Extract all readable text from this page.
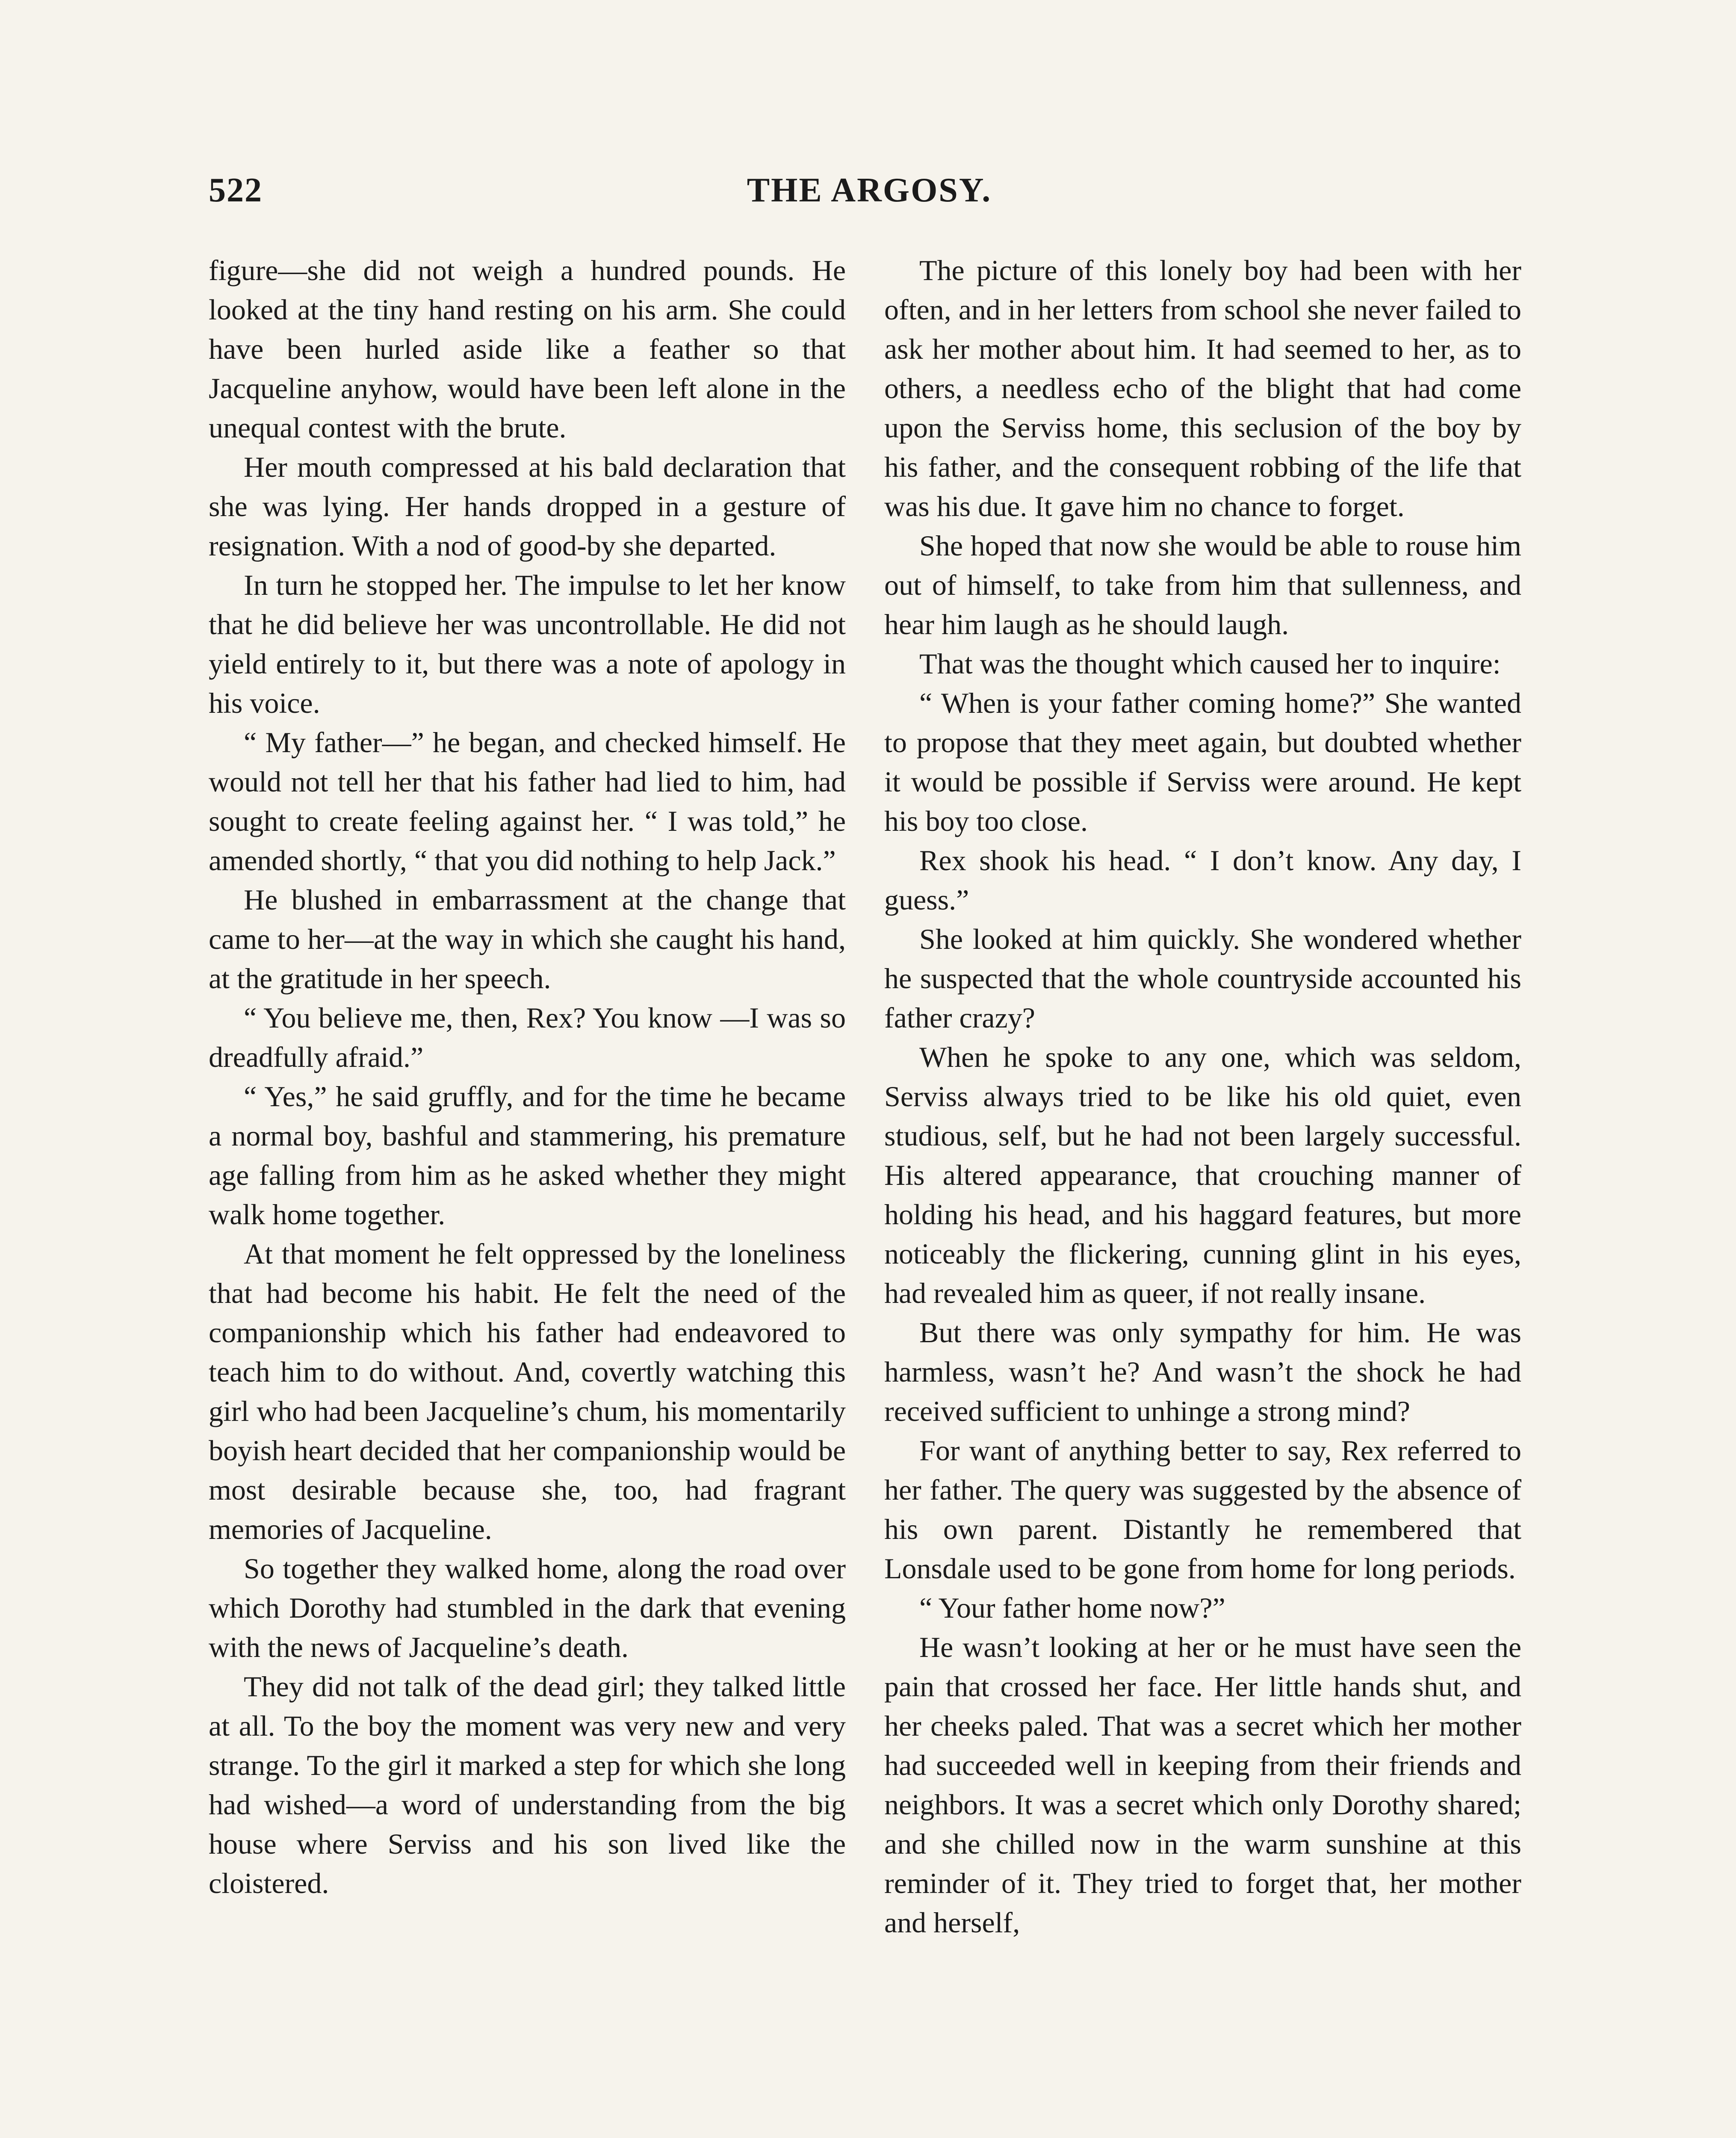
522	THE ARGOSY.

figure—she did not weigh a hundred pounds. He looked at the tiny hand resting on his arm. She could have been hurled aside like a feather so that Jacqueline anyhow, would have been left alone in the unequal contest with the brute.

Her mouth compressed at his bald declaration that she was lying. Her hands dropped in a gesture of resignation. With a nod of good-by she departed.

In turn he stopped her. The impulse to let her know that he did believe her was uncontrollable. He did not yield entirely to it, but there was a note of apology in his voice.

“ My father—” he began, and checked himself. He would not tell her that his father had lied to him, had sought to create feeling against her. “ I was told,” he amended shortly, “ that you did nothing to help Jack.”

He blushed in embarrassment at the change that came to her—at the way in which she caught his hand, at the gratitude in her speech.

“ You believe me, then, Rex? You know —I was so dreadfully afraid.”

“ Yes,” he said gruffly, and for the time he became a normal boy, bashful and stammering, his premature age falling from him as he asked whether they might walk home together.

At that moment he felt oppressed by the loneliness that had become his habit. He felt the need of the companionship which his father had endeavored to teach him to do without. And, covertly watching this girl who had been Jacqueline’s chum, his momentarily boyish heart decided that her companionship would be most desirable because she, too, had fragrant memories of Jacqueline.

So together they walked home, along the road over which Dorothy had stumbled in the dark that evening with the news of Jacqueline’s death.

They did not talk of the dead girl; they talked little at all. To the boy the moment was very new and very strange. To the girl it marked a step for which she long had wished—a word of understanding from the big house where Serviss and his son lived like the cloistered.

The picture of this lonely boy had been with her often, and in her letters from school she never failed to ask her mother about him. It had seemed to her, as to others, a needless echo of the blight that had come upon the Serviss home, this seclusion of the boy by his father, and the consequent robbing of the life that was his due. It gave him no chance to forget.

She hoped that now she would be able to rouse him out of himself, to take from him that sullenness, and hear him laugh as he should laugh.

That was the thought which caused her to inquire:

“ When is your father coming home?” She wanted to propose that they meet again, but doubted whether it would be possible if Serviss were around. He kept his boy too close.

Rex shook his head. “ I don’t know. Any day, I guess.”

She looked at him quickly. She wondered whether he suspected that the whole countryside accounted his father crazy?

When he spoke to any one, which was seldom, Serviss always tried to be like his old quiet, even studious, self, but he had not been largely successful. His altered appearance, that crouching manner of holding his head, and his haggard features, but more noticeably the flickering, cunning glint in his eyes, had revealed him as queer, if not really insane.

But there was only sympathy for him. He was harmless, wasn’t he? And wasn’t the shock he had received sufficient to unhinge a strong mind?

For want of anything better to say, Rex referred to her father. The query was suggested by the absence of his own parent. Distantly he remembered that Lonsdale used to be gone from home for long periods.

“ Your father home now?”

He wasn’t looking at her or he must have seen the pain that crossed her face. Her little hands shut, and her cheeks paled. That was a secret which her mother had succeeded well in keeping from their friends and neighbors. It was a secret which only Dorothy shared; and she chilled now in the warm sunshine at this reminder of it. They tried to forget that, her mother and herself,
